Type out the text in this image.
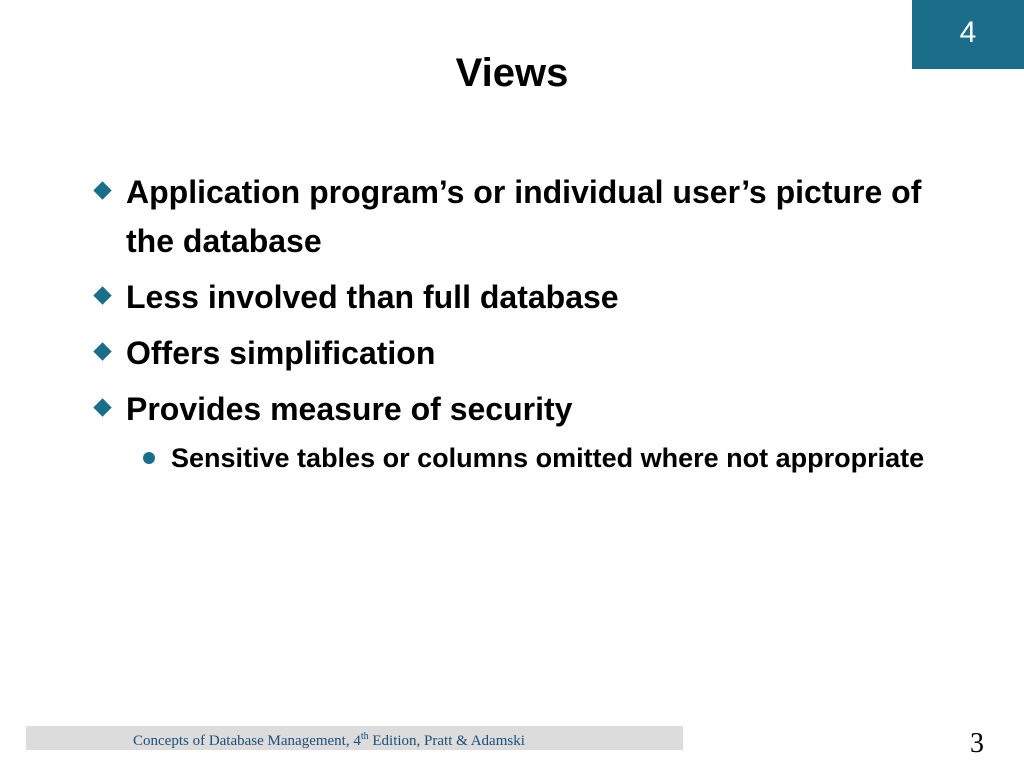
4
Views
Application program’s or individual user’s picture of the database
Less involved than full database
Offers simplification
Provides measure of security
Sensitive tables or columns omitted where not appropriate
Concepts of Database Management, 4th Edition, Pratt & Adamski	3
